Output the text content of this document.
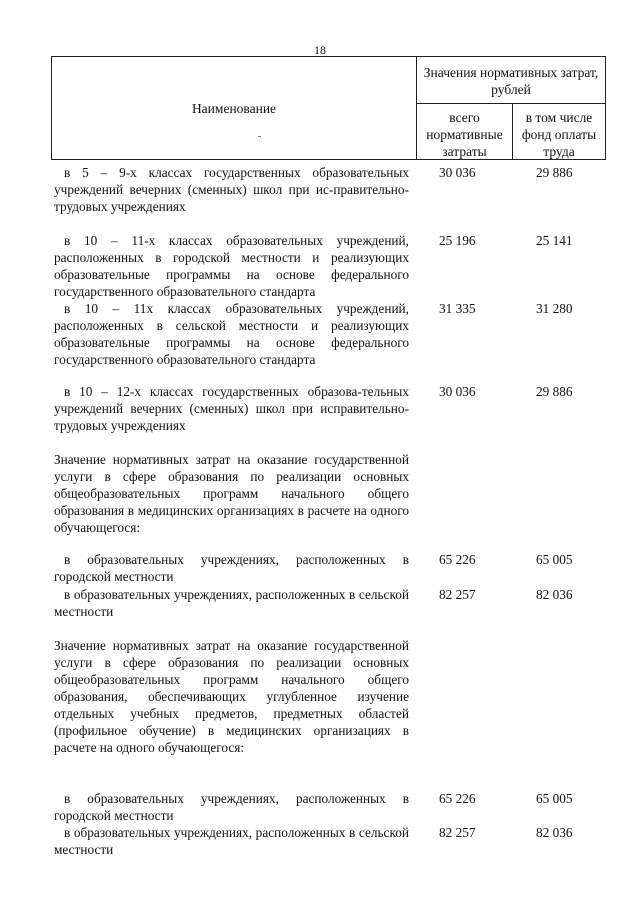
18
Наименование
Значения нормативных затрат, рублей
всего нормативные затраты
в том числе фонд оплаты труда
в 5 – 9-х классах государственных образовательных учреждений вечерних (сменных) школ при ис-правительно-трудовых учреждениях
30 036	29 886
в 10 – 11-х классах образовательных учреждений, расположенных в городской местности и реализующих образовательные программы на основе федерального государственного образовательного стандарта
25 196	25 141
в 10 – 11х классах образовательных учреждений, расположенных в сельской местности и реализующих образовательные программы на основе федерального государственного образовательного стандарта
31 335	31 280
в 10 – 12-х классах государственных образова-тельных учреждений вечерних (сменных) школ при исправительно-трудовых учреждениях
30 036	29 886
Значение нормативных затрат на оказание государственной услуги в сфере образования по реализации основных общеобразовательных программ начального общего образования в медицинских организациях в расчете на одного обучающегося:
в образовательных учреждениях, расположенных в городской местности
65 226	65 005
в образовательных учреждениях, расположенных в сельской местности
82 257	82 036
Значение нормативных затрат на оказание государственной услуги в сфере образования по реализации основных общеобразовательных программ начального общего образования, обеспечивающих углубленное изучение отдельных учебных предметов, предметных областей (профильное обучение) в медицинских организациях в расчете на одного обучающегося:
в образовательных учреждениях, расположенных в городской местности
65 226	65 005
в образовательных учреждениях, расположенных в сельской местности
82 257	82 036
